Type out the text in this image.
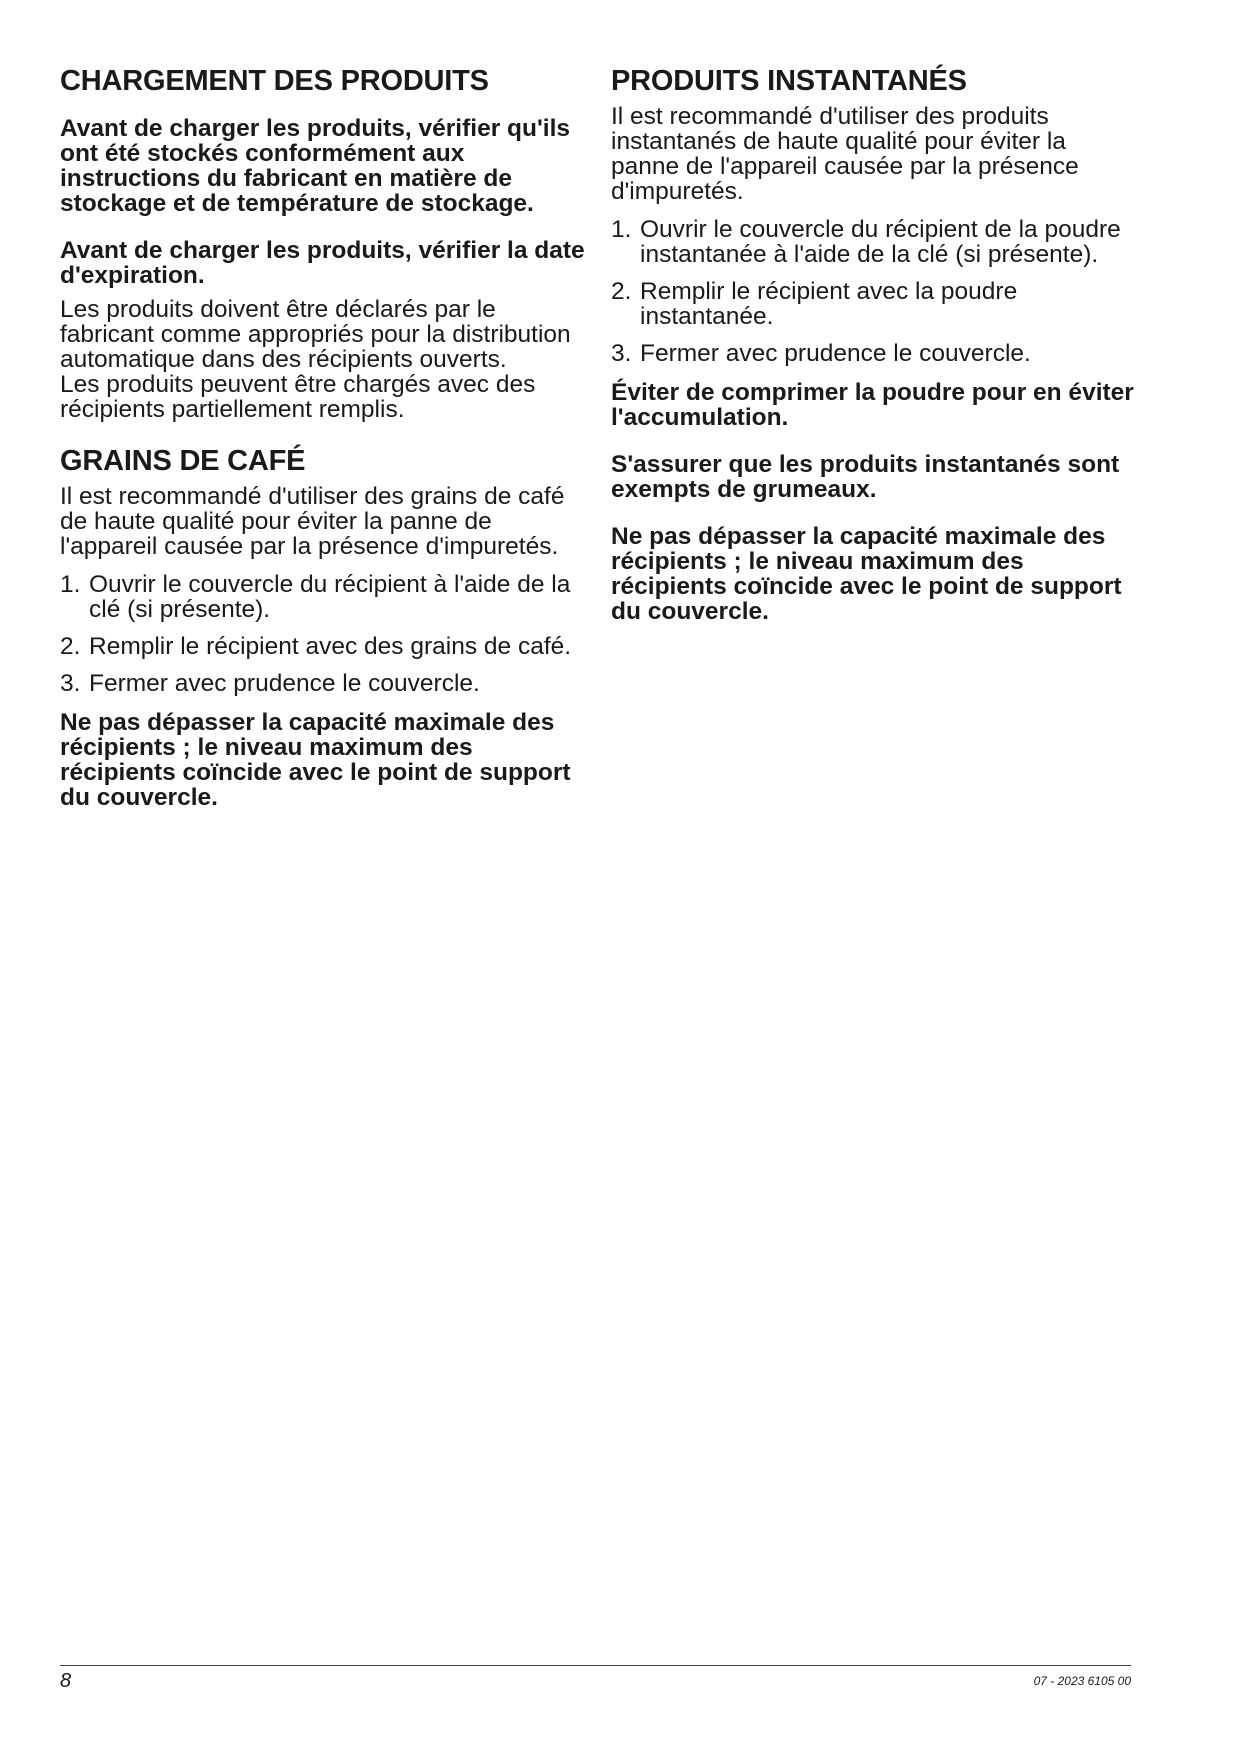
CHARGEMENT DES PRODUITS

Avant de charger les produits, vérifier qu'ils ont été stockés conformément aux instructions du fabricant en matière de stockage et de température de stockage.

Avant de charger les produits, vérifier la date d'expiration.

Les produits doivent être déclarés par le fabricant comme appropriés pour la distribution automatique dans des récipients ouverts.

Les produits peuvent être chargés avec des récipients partiellement remplis.

GRAINS DE CAFÉ

Il est recommandé d'utiliser des grains de café de haute qualité pour éviter la panne de l'appareil causée par la présence d'impuretés.

1. Ouvrir le couvercle du récipient à l'aide de la clé (si présente).
2. Remplir le récipient avec des grains de café.
3. Fermer avec prudence le couvercle.

Ne pas dépasser la capacité maximale des récipients ; le niveau maximum des récipients coïncide avec le point de support du couvercle.

PRODUITS INSTANTANÉS

Il est recommandé d'utiliser des produits instantanés de haute qualité pour éviter la panne de l'appareil causée par la présence d'impuretés.

1. Ouvrir le couvercle du récipient de la poudre instantanée à l'aide de la clé (si présente).
2. Remplir le récipient avec la poudre instantanée.
3. Fermer avec prudence le couvercle.

Éviter de comprimer la poudre pour en éviter l'accumulation.

S'assurer que les produits instantanés sont exempts de grumeaux.

Ne pas dépasser la capacité maximale des récipients ; le niveau maximum des récipients coïncide avec le point de support du couvercle.

8	07 - 2023 6105 00
